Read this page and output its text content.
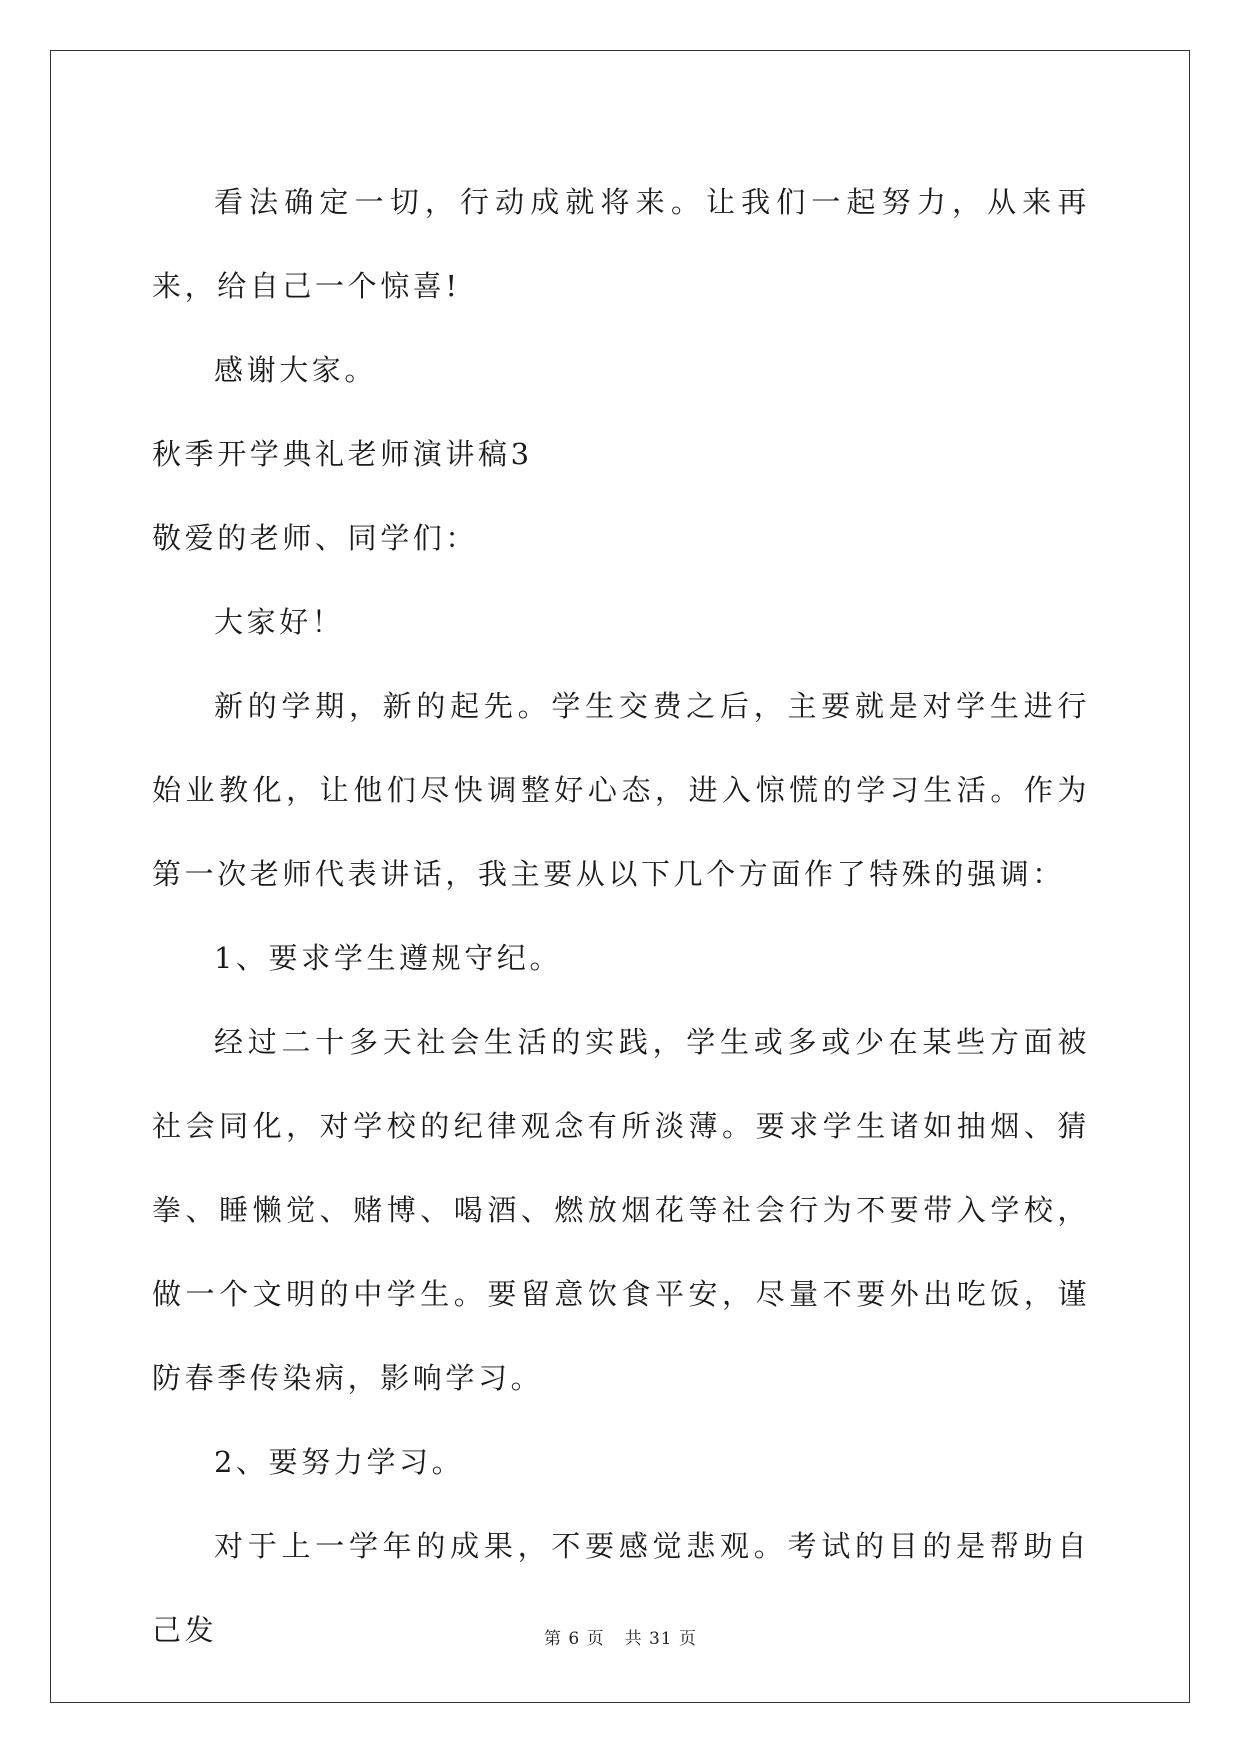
看法确定一切，行动成就将来。让我们一起努力，从来再来，给自己一个惊喜!

感谢大家。

秋季开学典礼老师演讲稿3

敬爱的老师、同学们：

大家好！

新的学期，新的起先。学生交费之后，主要就是对学生进行始业教化，让他们尽快调整好心态，进入惊慌的学习生活。作为第一次老师代表讲话，我主要从以下几个方面作了特殊的强调：

1、要求学生遵规守纪。

经过二十多天社会生活的实践，学生或多或少在某些方面被社会同化，对学校的纪律观念有所淡薄。要求学生诸如抽烟、猜拳、睡懒觉、赌博、喝酒、燃放烟花等社会行为不要带入学校，做一个文明的中学生。要留意饮食平安，尽量不要外出吃饭，谨防春季传染病，影响学习。

2、要努力学习。

对于上一学年的成果，不要感觉悲观。考试的目的是帮助自己发	第 6 页 共 31 页
